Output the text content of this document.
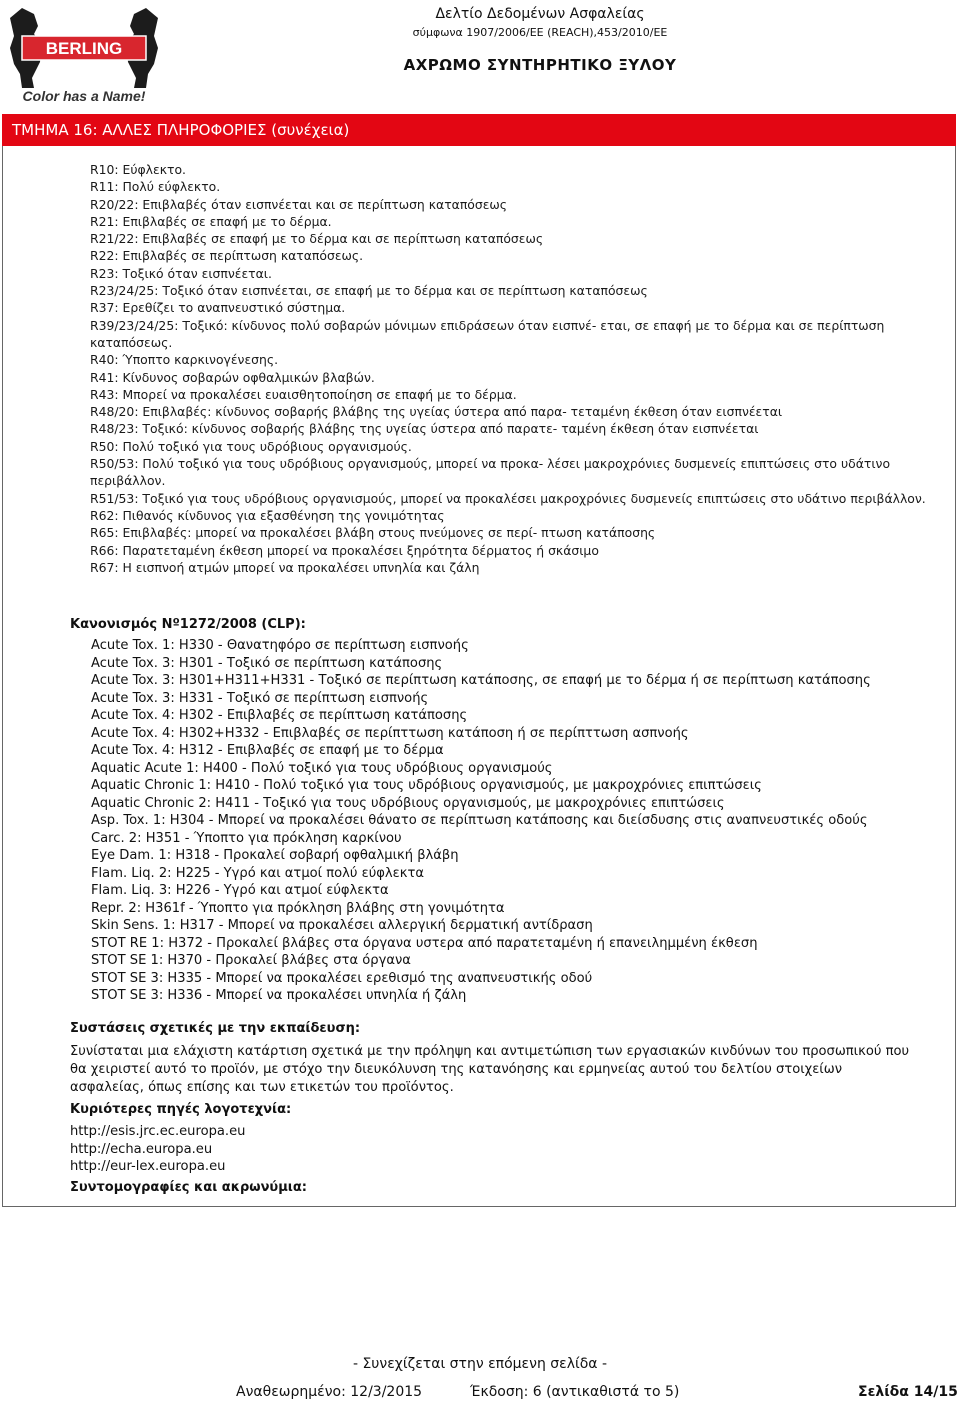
BERLING
Color has a Name!
Δελτίο Δεδομένων Ασφαλείας
σύμφωνα 1907/2006/ΕΕ (REACH),453/2010/ΕΕ
ΑΧΡΩΜΟ ΣΥΝΤΗΡΗΤΙΚΟ ΞΥΛΟΥ
ΤΜΗΜΑ 16: ΑΛΛΕΣ ΠΛΗΡΟΦΟΡΙΕΣ (συνέχεια)
R10: Εύφλεκτο.
R11: Πολύ εύφλεκτο.
R20/22: Επιβλαβές όταν εισπνέεται και σε περίπτωση καταπόσεως
R21: Επιβλαβές σε επαφή με το δέρμα.
R21/22: Επιβλαβές σε επαφή με το δέρμα και σε περίπτωση καταπόσεως
R22: Επιβλαβές σε περίπτωση καταπόσεως.
R23: Τοξικό όταν εισπνέεται.
R23/24/25: Τοξικό όταν εισπνέεται, σε επαφή με το δέρμα και σε περίπτωση καταπόσεως
R37: Ερεθίζει το αναπνευστικό σύστημα.
R39/23/24/25: Τοξικό: κίνδυνος πολύ σοβαρών μόνιμων επιδράσεων όταν εισπνέ- εται, σε επαφή με το δέρμα και σε περίπτωση καταπόσεως.
R40: Ύποπτο καρκινογένεσης.
R41: Κίνδυνος σοβαρών οφθαλμικών βλαβών.
R43: Μπορεί να προκαλέσει ευαισθητοποίηση σε επαφή με το δέρμα.
R48/20: Επιβλαβές: κίνδυνος σοβαρής βλάβης της υγείας ύστερα από παρα- τεταμένη έκθεση όταν εισπνέεται
R48/23: Τοξικό: κίνδυνος σοβαρής βλάβης της υγείας ύστερα από παρατε- ταμένη έκθεση όταν εισπνέεται
R50: Πολύ τοξικό για τους υδρόβιους οργανισμούς.
R50/53: Πολύ τοξικό για τους υδρόβιους οργανισμούς, μπορεί να προκα- λέσει μακροχρόνιες δυσμενείς επιπτώσεις στο υδάτινο περιβάλλον.
R51/53: Τοξικό για τους υδρόβιους οργανισμούς, μπορεί να προκαλέσει μακροχρόνιες δυσμενείς επιπτώσεις στο υδάτινο περιβάλλον.
R62: Πιθανός κίνδυνος για εξασθένηση της γονιμότητας
R65: Επιβλαβές: μπορεί να προκαλέσει βλάβη στους πνεύμονες σε περί- πτωση κατάποσης
R66: Παρατεταμένη έκθεση μπορεί να προκαλέσει ξηρότητα δέρματος ή σκάσιμο
R67: Η εισπνοή ατμών μπορεί να προκαλέσει υπνηλία και ζάλη
Κανονισμός Nº1272/2008 (CLP):
Acute Tox. 1: H330 - Θανατηφόρο σε περίπτωση εισπνοής
Acute Tox. 3: H301 - Τοξικό σε περίπτωση κατάποσης
Acute Tox. 3: H301+H311+H331 - Τοξικό σε περίπτωση κατάποσης, σε επαφή με το δέρμα ή σε περίπτωση κατάποσης
Acute Tox. 3: H331 - Τοξικό σε περίπτωση εισπνοής
Acute Tox. 4: H302 - Επιβλαβές σε περίπτωση κατάποσης
Acute Tox. 4: H302+H332 - Επιβλαβές σε περίπττωση κατάποση ή σε περίπττωση ασπνοής
Acute Tox. 4: H312 - Επιβλαβές σε επαφή με το δέρμα
Aquatic Acute 1: H400 - Πολύ τοξικό για τους υδρόβιους οργανισμούς
Aquatic Chronic 1: H410 - Πολύ τοξικό για τους υδρόβιους οργανισμούς, με μακροχρόνιες επιπτώσεις
Aquatic Chronic 2: H411 - Τοξικό για τους υδρόβιους οργανισμούς, με μακροχρόνιες επιπτώσεις
Asp. Tox. 1: H304 - Μπορεί να προκαλέσει θάνατο σε περίπτωση κατάποσης και διείσδυσης στις αναπνευστικές οδούς
Carc. 2: H351 - Ύποπτο για πρόκληση καρκίνου
Eye Dam. 1: H318 - Προκαλεί σοβαρή οφθαλμική βλάβη
Flam. Liq. 2: H225 - Υγρό και ατμοί πολύ εύφλεκτα
Flam. Liq. 3: H226 - Υγρό και ατμοί εύφλεκτα
Repr. 2: H361f - Ύποπτο για πρόκληση βλάβης στη γονιμότητα
Skin Sens. 1: H317 - Μπορεί να προκαλέσει αλλεργική δερματική αντίδραση
STOT RE 1: H372 - Προκαλεί βλάβες στα όργανα υστερα από παρατεταμένη ή επανειλημμένη έκθεση
STOT SE 1: H370 - Προκαλεί βλάβες στα όργανα
STOT SE 3: H335 - Μπορεί να προκαλέσει ερεθισμό της αναπνευστικής οδού
STOT SE 3: H336 - Μπορεί να προκαλέσει υπνηλία ή ζάλη
Συστάσεις σχετικές με την εκπαίδευση:
Συνίσταται μια ελάχιστη κατάρτιση σχετικά με την πρόληψη και αντιμετώπιση των εργασιακών κινδύνων του προσωπικού που θα χειριστεί αυτό το προϊόν, με στόχο την διευκόλυνση της κατανόησης και ερμηνείας αυτού του δελτίου στοιχείων ασφαλείας, όπως επίσης και των ετικετών του προϊόντος.
Κυριότερες πηγές λογοτεχνία:
http://esis.jrc.ec.europa.eu
http://echa.europa.eu
http://eur-lex.europa.eu
Συντομογραφίες και ακρωνύμια:
- Συνεχίζεται στην επόμενη σελίδα -
Αναθεωρημένο: 12/3/2015	Έκδοση: 6 (αντικαθιστά το 5)	Σελίδα 14/15
